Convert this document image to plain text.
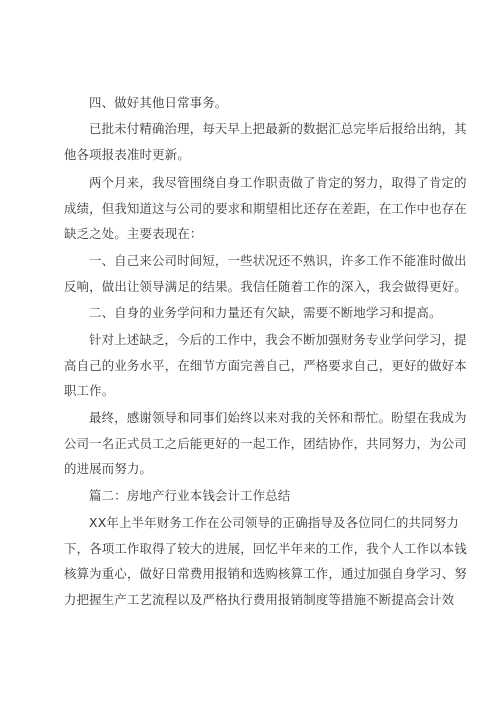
四、做好其他日常事务。

已批未付精确治理，每天早上把最新的数据汇总完毕后报给出纳，其
他各项报表准时更新。

两个月来，我尽管围绕自身工作职责做了肯定的努力，取得了肯定的
成绩，但我知道这与公司的要求和期望相比还存在差距，在工作中也存在
缺乏之处。主要表现在：

一、自己来公司时间短，一些状况还不熟识，许多工作不能准时做出
反响，做出让领导满足的结果。我信任随着工作的深入，我会做得更好。

二、自身的业务学问和力量还有欠缺，需要不断地学习和提高。

针对上述缺乏，今后的工作中，我会不断加强财务专业学问学习，提
高自己的业务水平，在细节方面完善自己，严格要求自己，更好的做好本
职工作。

最终，感谢领导和同事们始终以来对我的关怀和帮忙。盼望在我成为
公司一名正式员工之后能更好的一起工作，团结协作，共同努力，为公司
的进展而努力。

篇二：房地产行业本钱会计工作总结

XX年上半年财务工作在公司领导的正确指导及各位同仁的共同努力
下，各项工作取得了较大的进展，回忆半年来的工作，我个人工作以本钱
核算为重心，做好日常费用报销和选购核算工作，通过加强自身学习、努
力把握生产工艺流程以及严格执行费用报销制度等措施不断提高会计效
